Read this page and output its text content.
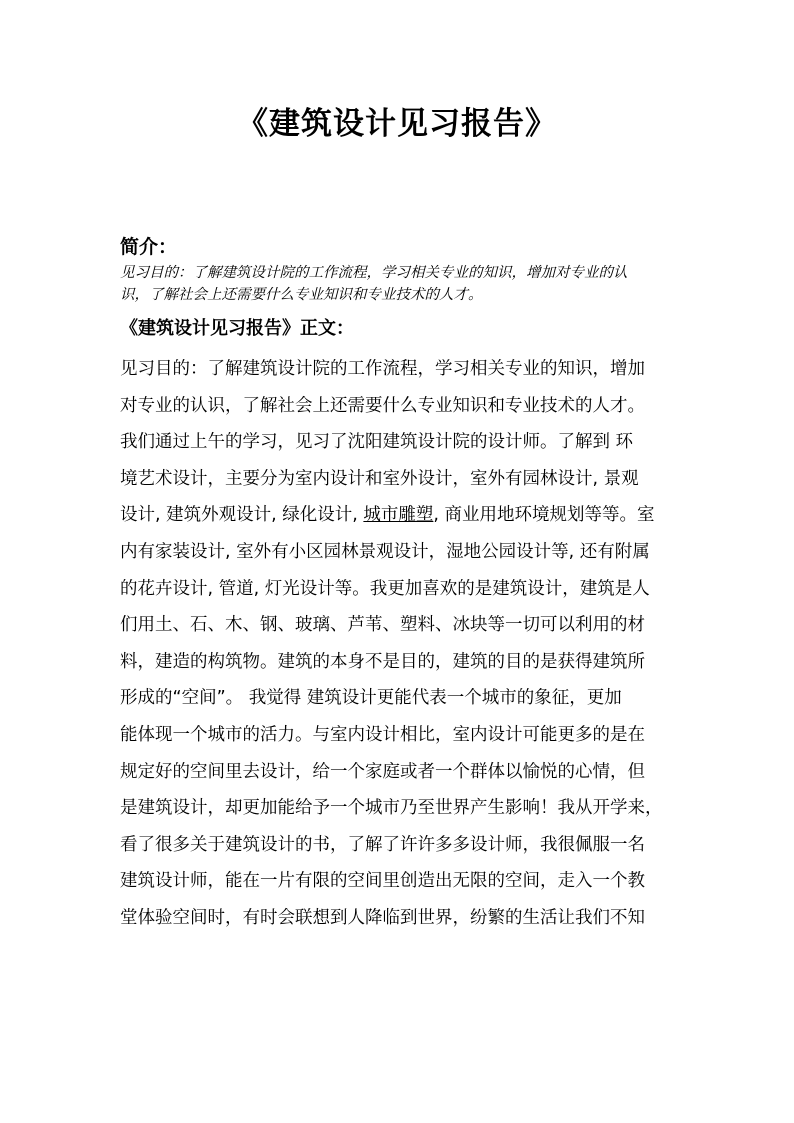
《建筑设计见习报告》
简介：

见习目的：了解建筑设计院的工作流程，学习相关专业的知识，增加对专业的认
识，了解社会上还需要什么专业知识和专业技术的人才。

《建筑设计见习报告》正文：

见习目的：了解建筑设计院的工作流程，学习相关专业的知识，增加
对专业的认识，了解社会上还需要什么专业知识和专业技术的人才。
我们通过上午的学习，见习了沈阳建筑设计院的设计师。了解到 环
境艺术设计，主要分为室内设计和室外设计，室外有园林设计, 景观
设计, 建筑外观设计, 绿化设计, 城市雕塑, 商业用地环境规划等等。室
内有家装设计, 室外有小区园林景观设计，湿地公园设计等, 还有附属
的花卉设计, 管道, 灯光设计等。我更加喜欢的是建筑设计，建筑是人
们用土、石、木、钢、玻璃、芦苇、塑料、冰块等一切可以利用的材
料，建造的构筑物。建筑的本身不是目的，建筑的目的是获得建筑所
形成的“空间”。 我觉得 建筑设计更能代表一个城市的象征，更加
能体现一个城市的活力。与室内设计相比，室内设计可能更多的是在
规定好的空间里去设计，给一个家庭或者一个群体以愉悦的心情，但
是建筑设计，却更加能给予一个城市乃至世界产生影响！我从开学来，
看了很多关于建筑设计的书，了解了许许多多设计师，我很佩服一名
建筑设计师，能在一片有限的空间里创造出无限的空间，走入一个教
堂体验空间时，有时会联想到人降临到世界，纷繁的生活让我们不知
